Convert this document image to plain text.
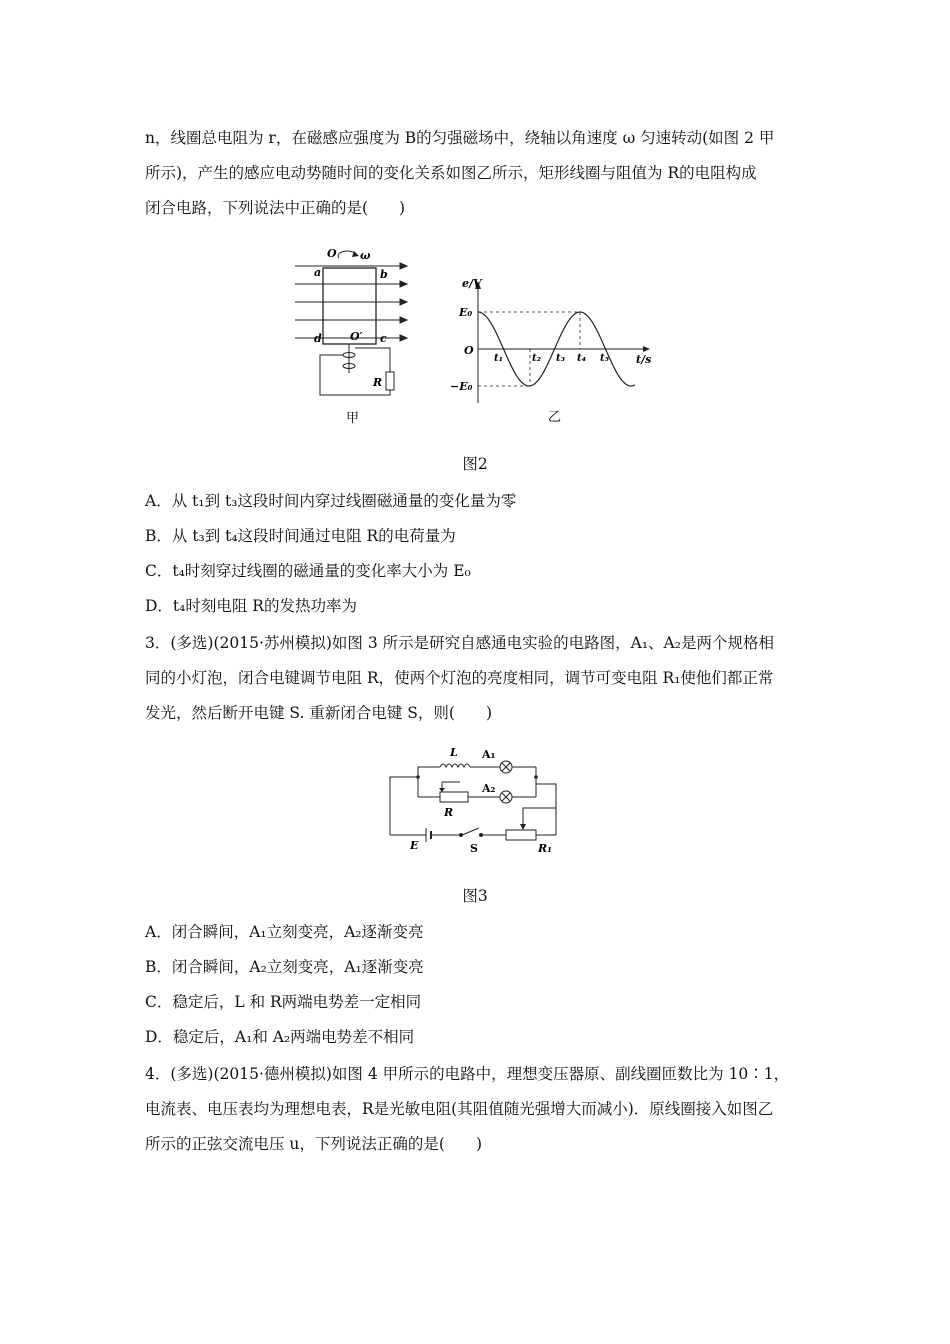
n，线圈总电阻为 r，在磁感应强度为 B的匀强磁场中，绕轴以角速度 ω 匀速转动(如图 2 甲
所示)，产生的感应电动势随时间的变化关系如图乙所示，矩形线圈与阻值为 R的电阻构成
闭合电路，下列说法中正确的是(　　)
O ω
a	b
c
d	O′
R
甲
e/V
t/s
O
E₀
−E₀
t₁	t₂ t₃ t₄ t₅
乙
图2
A．从 t₁到 t₃这段时间内穿过线圈磁通量的变化量为零
B．从 t₃到 t₄这段时间通过电阻 R的电荷量为
C．t₄时刻穿过线圈的磁通量的变化率大小为 E₀
D．t₄时刻电阻 R的发热功率为
3．(多选)(2015·苏州模拟)如图 3 所示是研究自感通电实验的电路图，A₁、A₂是两个规格相
同的小灯泡，闭合电键调节电阻 R，使两个灯泡的亮度相同，调节可变电阻 R₁使他们都正常
发光，然后断开电键 S. 重新闭合电键 S，则(　　)
L A₁
A₂
R
E	S	R₁
图3
A．闭合瞬间，A₁立刻变亮，A₂逐渐变亮
B．闭合瞬间，A₂立刻变亮，A₁逐渐变亮
C．稳定后，L 和 R两端电势差一定相同
D．稳定后，A₁和 A₂两端电势差不相同
4．(多选)(2015·德州模拟)如图 4 甲所示的电路中，理想变压器原、副线圈匝数比为 10∶1，
电流表、电压表均为理想电表，R是光敏电阻(其阻值随光强增大而减小)．原线圈接入如图乙
所示的正弦交流电压 u，下列说法正确的是(　　)
